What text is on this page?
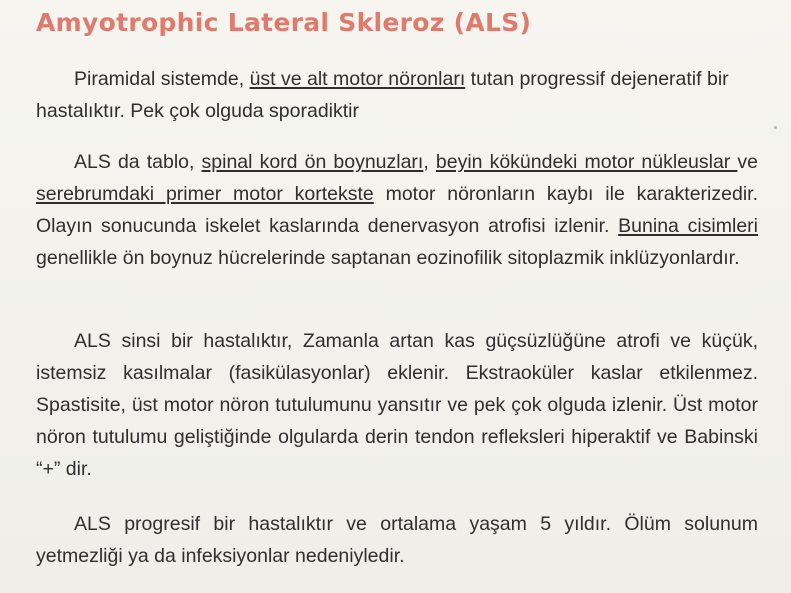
Amyotrophic Lateral Skleroz (ALS)

Piramidal sistemde, üst ve alt motor nöronları tutan progressif dejeneratif bir hastalıktır. Pek çok olguda sporadiktir

ALS da tablo, spinal kord ön boynuzları, beyin kökündeki motor nükleuslar ve serebrumdaki primer motor kortekste motor nöronların kaybı ile karakterizedir. Olayın sonucunda iskelet kaslarında denervasyon atrofisi izlenir. Bunina cisimleri genellikle ön boynuz hücrelerinde saptanan eozinofilik sitoplazmik inklüzyonlardır.

ALS sinsi bir hastalıktır, Zamanla artan kas güçsüzlüğüne atrofi ve küçük, istemsiz kasılmalar (fasikülasyonlar) eklenir. Ekstraoküler kaslar etkilenmez. Spastisite, üst motor nöron tutulumunu yansıtır ve pek çok olguda izlenir. Üst motor nöron tutulumu geliştiğinde olgularda derin tendon refleksleri hiperaktif ve Babinski “+” dir.

ALS progresif bir hastalıktır ve ortalama yaşam 5 yıldır. Ölüm solunum yetmezliği ya da infeksiyonlar nedeniyledir.
